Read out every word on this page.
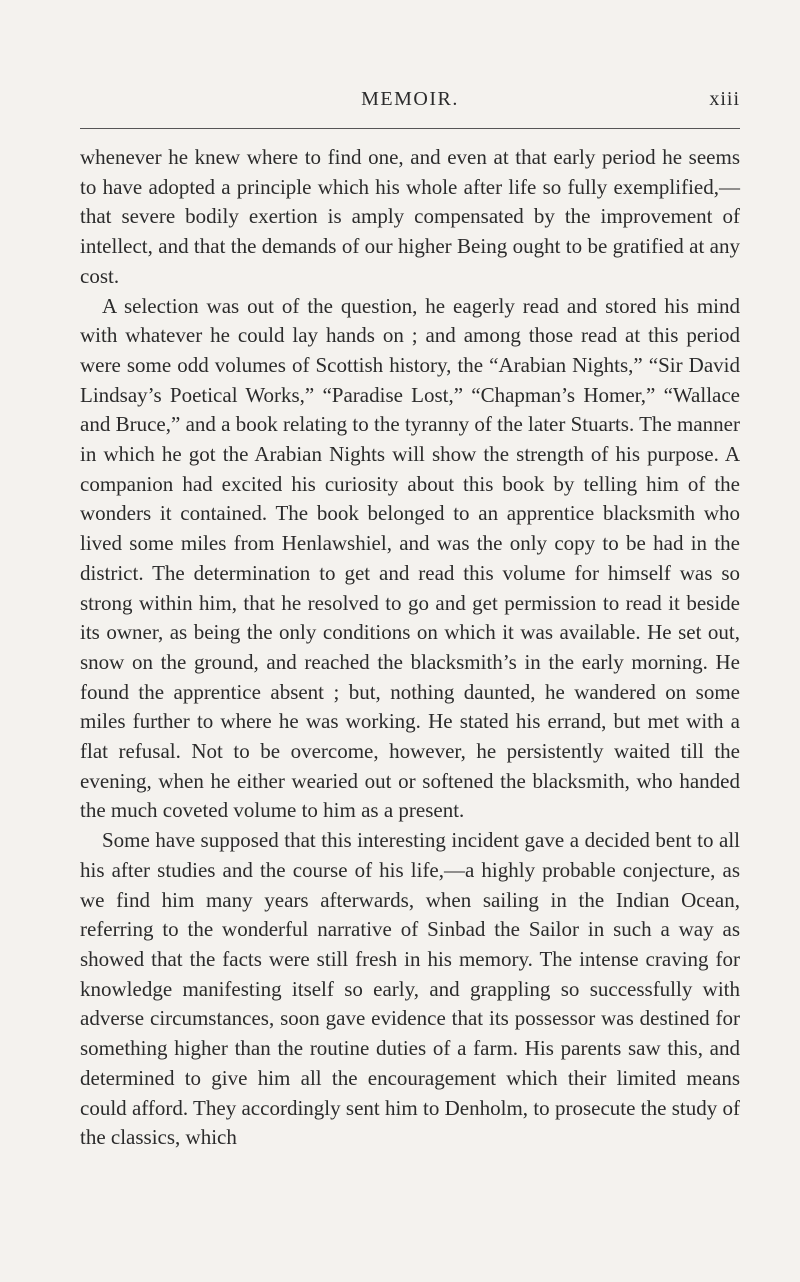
MEMOIR.	xiii

whenever he knew where to find one, and even at that early period he seems to have adopted a principle which his whole after life so fully exemplified,—that severe bodily exertion is amply compensated by the improvement of intellect, and that the demands of our higher Being ought to be gratified at any cost.

A selection was out of the question, he eagerly read and stored his mind with whatever he could lay hands on ; and among those read at this period were some odd volumes of Scottish history, the “Arabian Nights,” “Sir David Lindsay’s Poetical Works,” “Paradise Lost,” “Chapman’s Homer,” “Wallace and Bruce,” and a book relating to the tyranny of the later Stuarts. The manner in which he got the Arabian Nights will show the strength of his purpose. A companion had excited his curiosity about this book by telling him of the wonders it contained. The book belonged to an apprentice blacksmith who lived some miles from Henlawshiel, and was the only copy to be had in the district. The determination to get and read this volume for himself was so strong within him, that he resolved to go and get permission to read it beside its owner, as being the only conditions on which it was available. He set out, snow on the ground, and reached the blacksmith’s in the early morning. He found the apprentice absent ; but, nothing daunted, he wandered on some miles further to where he was working. He stated his errand, but met with a flat refusal. Not to be overcome, however, he persistently waited till the evening, when he either wearied out or softened the blacksmith, who handed the much coveted volume to him as a present.

Some have supposed that this interesting incident gave a decided bent to all his after studies and the course of his life,—a highly probable conjecture, as we find him many years afterwards, when sailing in the Indian Ocean, referring to the wonderful narrative of Sinbad the Sailor in such a way as showed that the facts were still fresh in his memory. The intense craving for knowledge manifesting itself so early, and grappling so successfully with adverse circumstances, soon gave evidence that its possessor was destined for something higher than the routine duties of a farm. His parents saw this, and determined to give him all the encouragement which their limited means could afford. They accordingly sent him to Denholm, to prosecute the study of the classics, which
